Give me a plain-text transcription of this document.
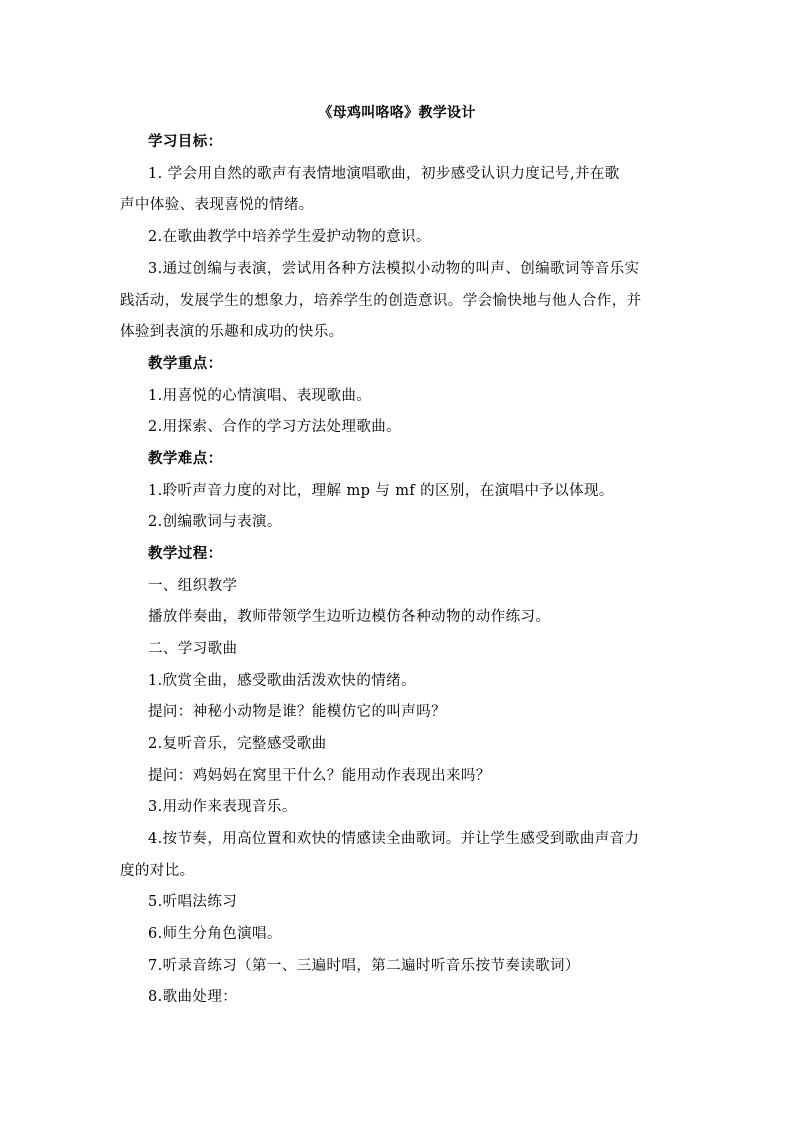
《母鸡叫咯咯》教学设计
学习目标：
1. 学会用自然的歌声有表情地演唱歌曲，初步感受认识力度记号,并在歌
声中体验、表现喜悦的情绪。
2.在歌曲教学中培养学生爱护动物的意识。
3.通过创编与表演，尝试用各种方法模拟小动物的叫声、创编歌词等音乐实
践活动，发展学生的想象力，培养学生的创造意识。学会愉快地与他人合作，并
体验到表演的乐趣和成功的快乐。
教学重点：
1.用喜悦的心情演唱、表现歌曲。
2.用探索、合作的学习方法处理歌曲。
教学难点：
1.聆听声音力度的对比，理解 mp 与 mf 的区别，在演唱中予以体现。
2.创编歌词与表演。
教学过程：
一、组织教学
播放伴奏曲，教师带领学生边听边模仿各种动物的动作练习。
二、学习歌曲
1.欣赏全曲，感受歌曲活泼欢快的情绪。
提问：神秘小动物是谁？能模仿它的叫声吗？
2.复听音乐，完整感受歌曲
提问：鸡妈妈在窝里干什么？能用动作表现出来吗？
3.用动作来表现音乐。
4.按节奏，用高位置和欢快的情感读全曲歌词。并让学生感受到歌曲声音力
度的对比。
5.听唱法练习
6.师生分角色演唱。
7.听录音练习（第一、三遍时唱，第二遍时听音乐按节奏读歌词）
8.歌曲处理：
